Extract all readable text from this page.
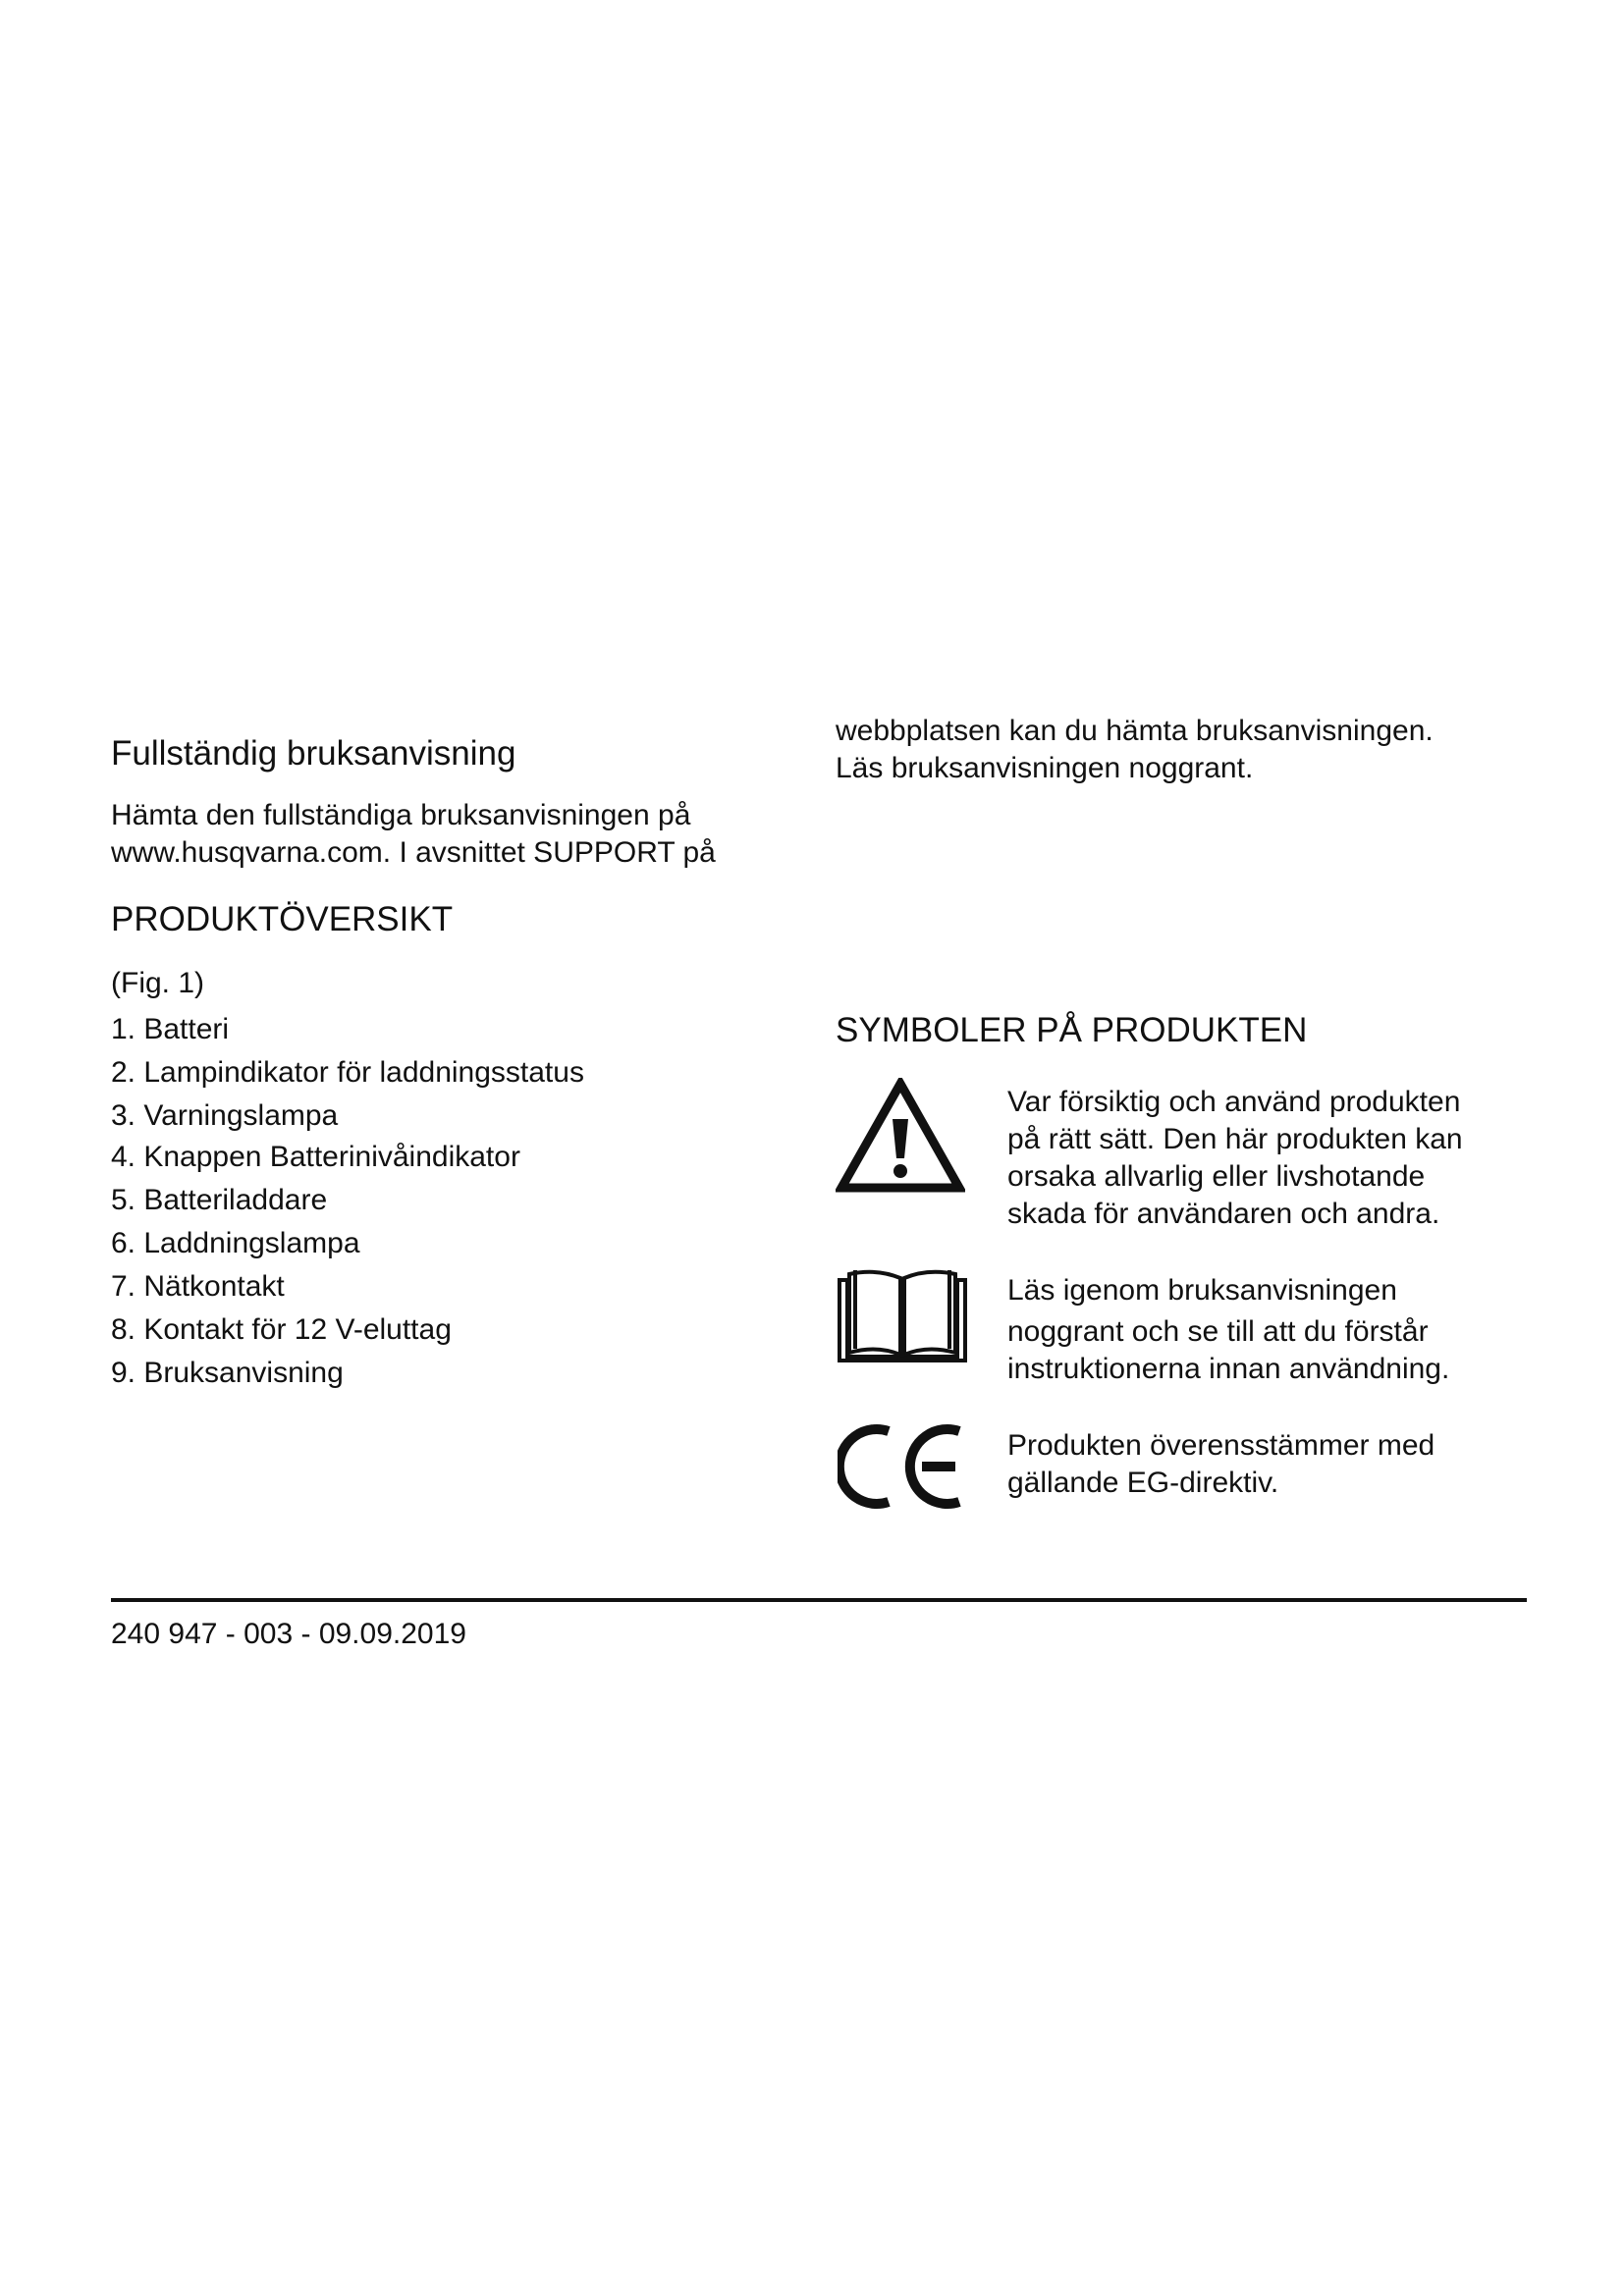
Fullständig bruksanvisning

Hämta den fullständiga bruksanvisningen på
www.husqvarna.com. I avsnittet SUPPORT på

PRODUKTÖVERSIKT

(Fig. 1)

1. Batteri

2. Lampindikator för laddningsstatus

3. Varningslampa

4. Knappen Batterinivåindikator

5. Batteriladdare

6. Laddningslampa

7. Nätkontakt

8. Kontakt för 12 V-eluttag

9. Bruksanvisning

webbplatsen kan du hämta bruksanvisningen.
Läs bruksanvisningen noggrant.

SYMBOLER PÅ PRODUKTEN

Var försiktig och använd produkten
på rätt sätt. Den här produkten kan
orsaka allvarlig eller livshotande
skada för användaren och andra.

Läs igenom bruksanvisningen
noggrant och se till att du förstår
instruktionerna innan användning.

Produkten överensstämmer med
gällande EG-direktiv.

240 947 - 003 - 09.09.2019
